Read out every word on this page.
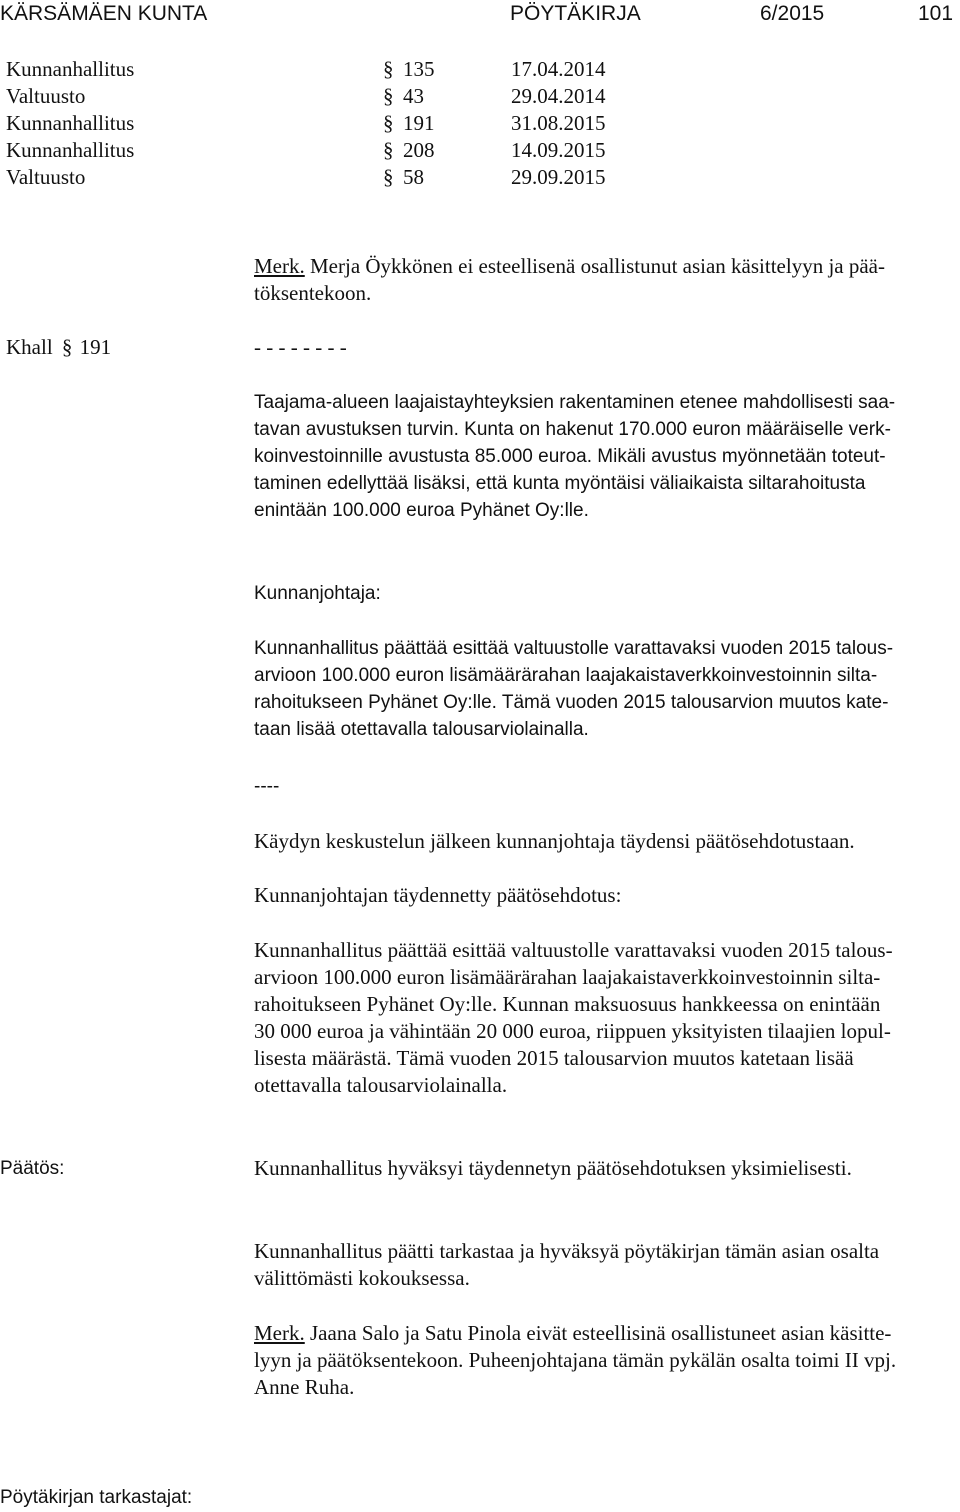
KÄRSÄMÄEN KUNTA	PÖYTÄKIRJA	6/2015	101
Kunnanhallitus	§ 135	17.04.2014
Valtuusto	§ 43	29.04.2014
Kunnanhallitus	§ 191	31.08.2015
Kunnanhallitus	§ 208	14.09.2015
Valtuusto	§ 58	29.09.2015
Merk. Merja Öykkönen ei esteellisenä osallistunut asian käsittelyyn ja pää-
töksentekoon.
Khall § 191	- - - - - - - -
Taajama-alueen laajaistayhteyksien rakentaminen etenee mahdollisesti saa-
tavan avustuksen turvin. Kunta on hakenut 170.000 euron määräiselle verk-
koinvestoinnille avustusta 85.000 euroa. Mikäli avustus myönnetään toteut-
taminen edellyttää lisäksi, että kunta myöntäisi väliaikaista siltarahoitusta
enintään 100.000 euroa Pyhänet Oy:lle.
Kunnanjohtaja:
Kunnanhallitus päättää esittää valtuustolle varattavaksi vuoden 2015 talous-
arvioon 100.000 euron lisämäärärahan laajakaistaverkkoinvestoinnin silta-
rahoitukseen Pyhänet Oy:lle. Tämä vuoden 2015 talousarvion muutos kate-
taan lisää otettavalla talousarviolainalla.
----
Käydyn keskustelun jälkeen kunnanjohtaja täydensi päätösehdotustaan.
Kunnanjohtajan täydennetty päätösehdotus:
Kunnanhallitus päättää esittää valtuustolle varattavaksi vuoden 2015 talous-
arvioon 100.000 euron lisämäärärahan laajakaistaverkkoinvestoinnin silta-
rahoitukseen Pyhänet Oy:lle. Kunnan maksuosuus hankkeessa on enintään
30 000 euroa ja vähintään 20 000 euroa, riippuen yksityisten tilaajien lopul-
lisesta määrästä. Tämä vuoden 2015 talousarvion muutos katetaan lisää
otettavalla talousarviolainalla.
Päätös:	Kunnanhallitus hyväksyi täydennetyn päätösehdotuksen yksimielisesti.
Kunnanhallitus päätti tarkastaa ja hyväksyä pöytäkirjan tämän asian osalta
välittömästi kokouksessa.
Merk. Jaana Salo ja Satu Pinola eivät esteellisinä osallistuneet asian käsitte-
lyyn ja päätöksentekoon. Puheenjohtajana tämän pykälän osalta toimi II vpj.
Anne Ruha.
Pöytäkirjan tarkastajat:
